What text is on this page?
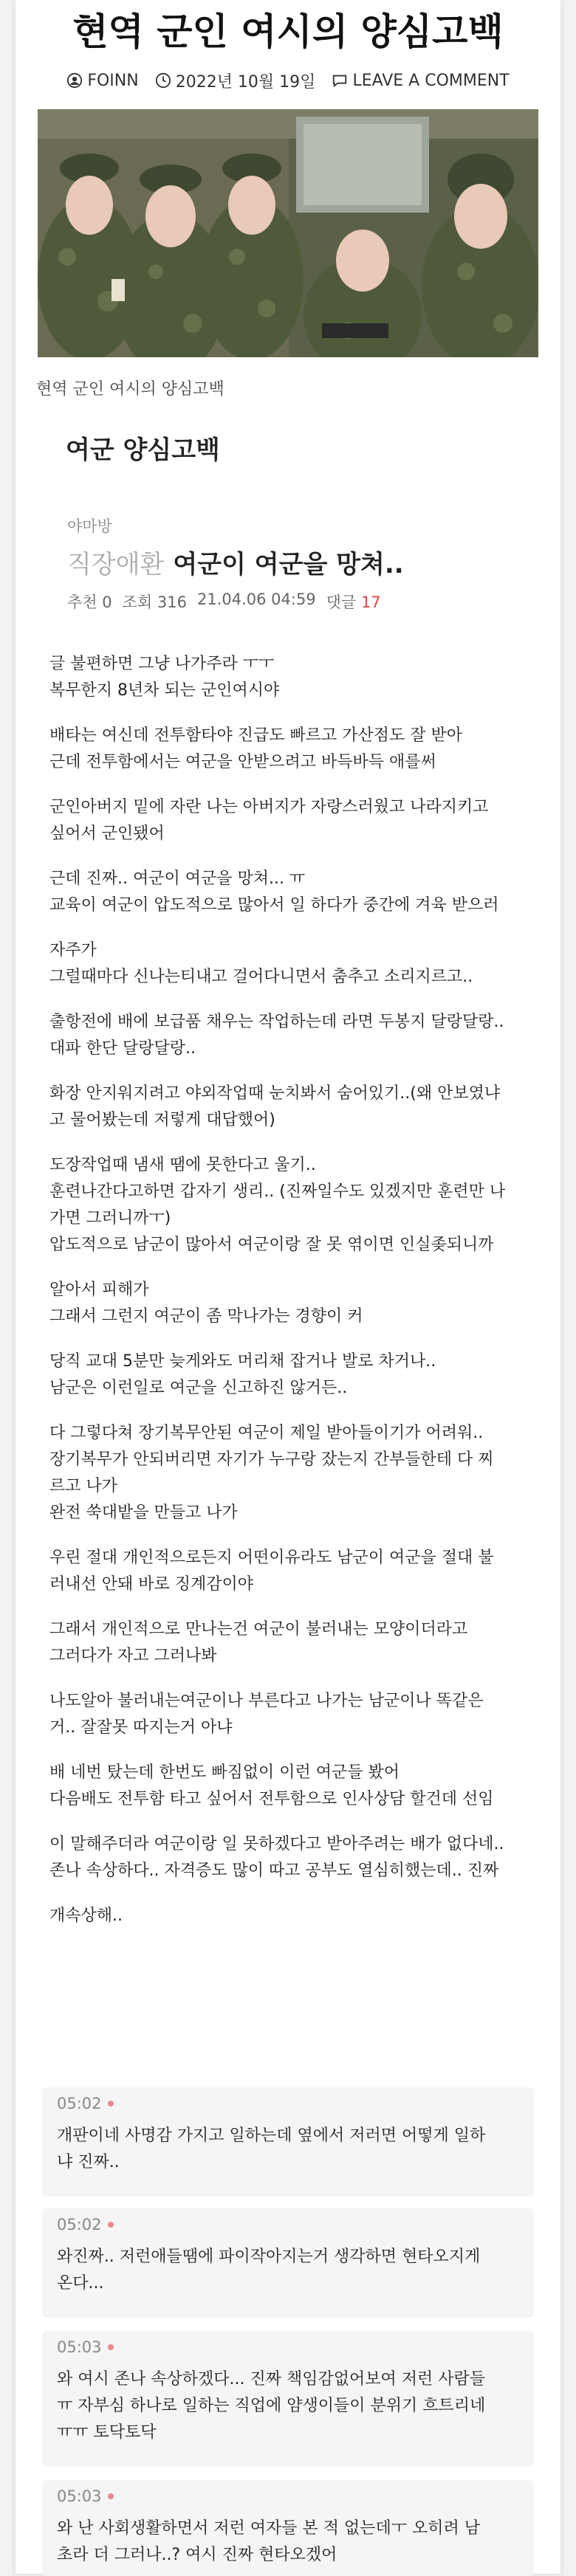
현역 군인 여시의 양심고백
FOINN 2022년 10월 19일 LEAVE A COMMENT
현역 군인 여시의 양심고백
여군 양심고백
야마방
직장애환 여군이 여군을 망쳐..
추천 0 조회 316 21.04.06 04:59 댓글 17

글 불편하면 그냥 나가주라 ㅜㅜ
복무한지 8년차 되는 군인여시야

배타는 여신데 전투함타야 진급도 빠르고 가산점도 잘 받아
근데 전투함에서는 여군을 안받으려고 바득바득 애를써

군인아버지 밑에 자란 나는 아버지가 자랑스러웠고 나라지키고
싶어서 군인됐어

근데 진짜.. 여군이 여군을 망쳐... ㅠ
교육이 여군이 압도적으로 많아서 일 하다가 중간에 겨육 받으러

자주가
그럴때마다 신나는티내고 걸어다니면서 춤추고 소리지르고..

출항전에 배에 보급품 채우는 작업하는데 라면 두봉지 달랑달랑..
대파 한단 달랑달랑..

화장 안지워지려고 야외작업때 눈치봐서 숨어있기..(왜 안보였냐
고 물어봤는데 저렇게 대답했어)

도장작업때 냄새 땜에 못한다고 울기..
훈련나간다고하면 갑자기 생리.. (진짜일수도 있겠지만 훈련만 나
가면 그러니까ㅜ)
압도적으로 남군이 많아서 여군이랑 잘 못 엮이면 인실좆되니까

알아서 피해가
그래서 그런지 여군이 좀 막나가는 경향이 커

당직 교대 5분만 늦게와도 머리채 잡거나 발로 차거나..
남군은 이런일로 여군을 신고하진 않거든..

다 그렇다쳐 장기복무안된 여군이 제일 받아들이기가 어려워..
장기복무가 안되버리면 자기가 누구랑 잤는지 간부들한테 다 찌
르고 나가
완전 쑥대밭을 만들고 나가

우린 절대 개인적으로든지 어떤이유라도 남군이 여군을 절대 불
러내선 안돼 바로 징계감이야

그래서 개인적으로 만나는건 여군이 불러내는 모양이더라고
그러다가 자고 그러나봐

나도알아 불러내는여군이나 부른다고 나가는 남군이나 똑같은
거.. 잘잘못 따지는거 아냐

배 네번 탔는데 한번도 빠짐없이 이런 여군들 봤어
다음배도 전투함 타고 싶어서 전투함으로 인사상담 할건데 선임

이 말해주더라 여군이랑 일 못하겠다고 받아주려는 배가 없다네..
존나 속상하다.. 자격증도 많이 따고 공부도 열심히했는데.. 진짜

개속상해..

05:02
개판이네 사명감 가지고 일하는데 옆에서 저러면 어떻게 일하
냐 진짜..
05:02
와진짜.. 저런애들땜에 파이작아지는거 생각하면 현타오지게
온다...
05:03
와 여시 존나 속상하겠다... 진짜 책임감없어보여 저런 사람들
ㅠ 자부심 하나로 일하는 직업에 얌생이들이 분위기 흐트리네
ㅠㅠ 토닥토닥
05:03
와 난 사회생활하면서 저런 여자들 본 적 없는데ㅜ 오히려 남
초라 더 그러나..? 여시 진짜 현타오겠어
